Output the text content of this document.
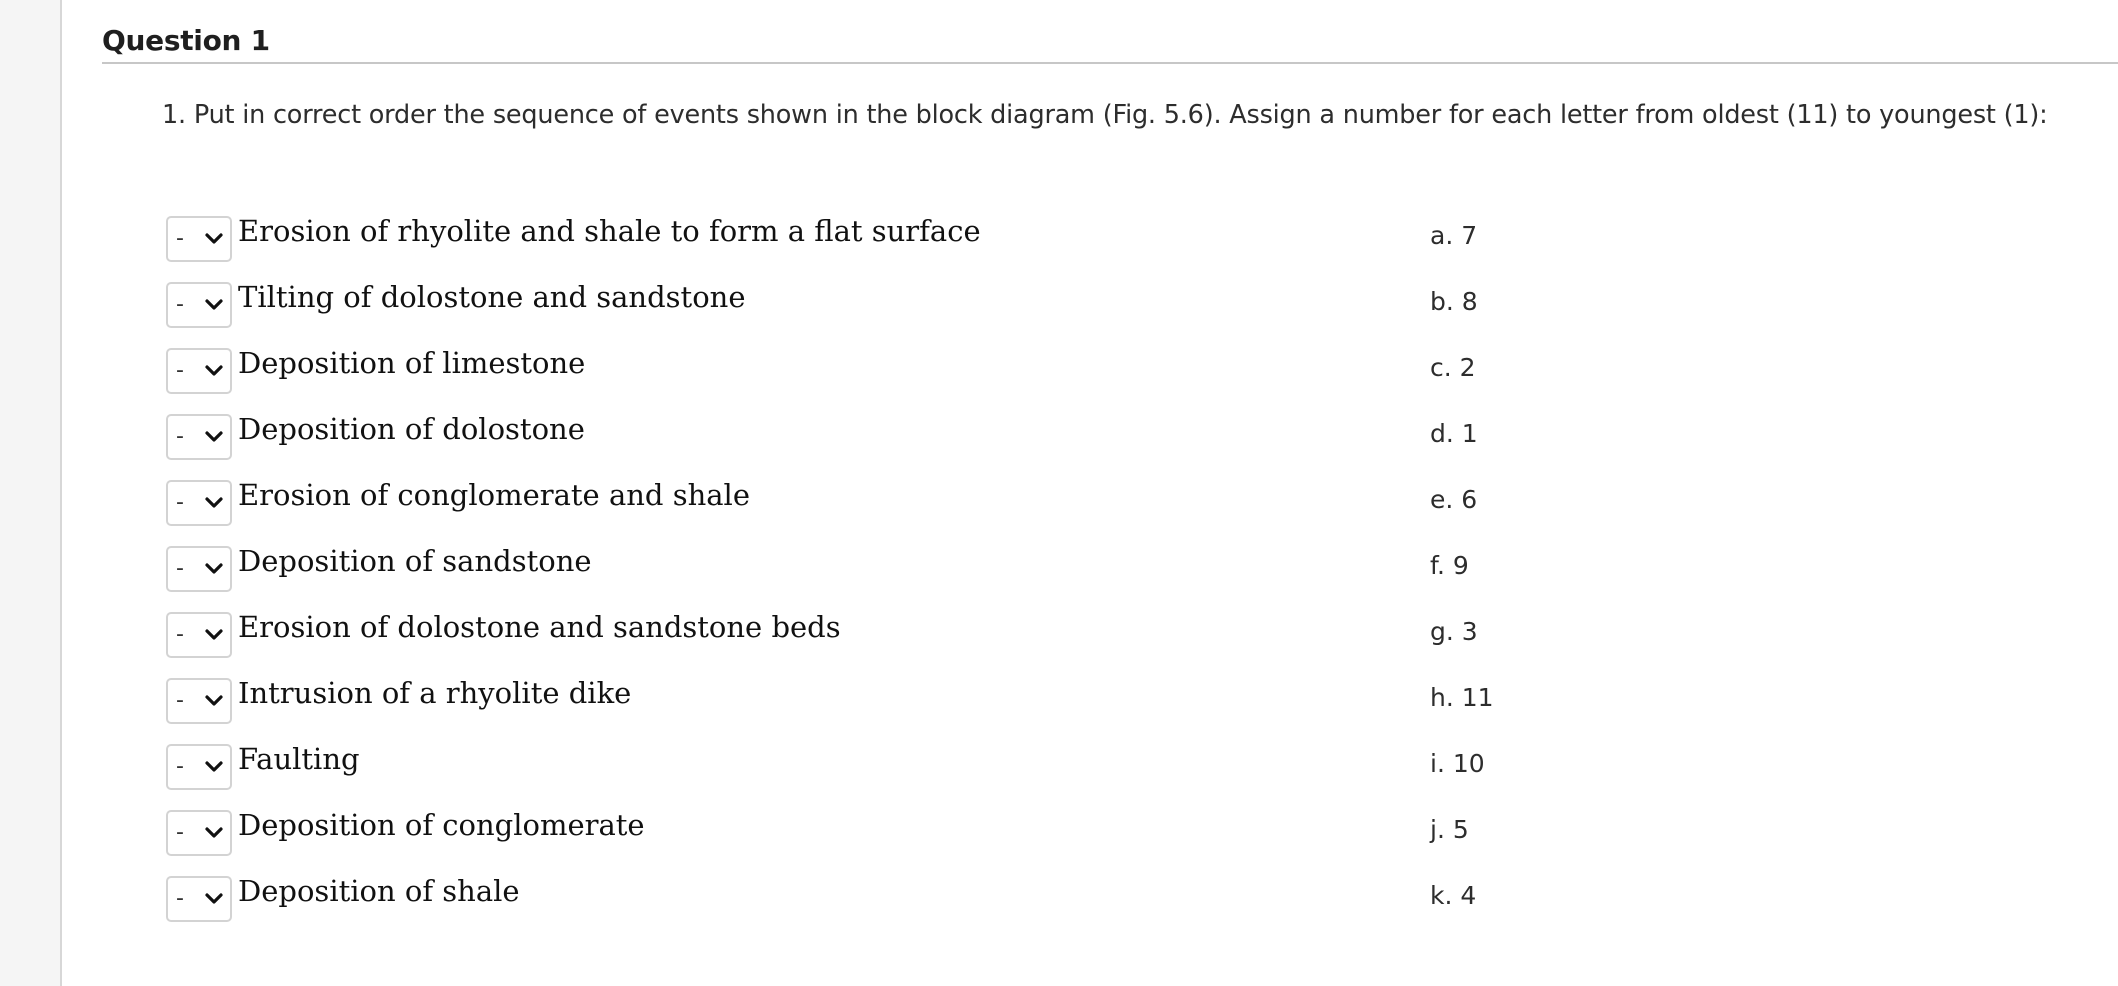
Question 1
1. Put in correct order the sequence of events shown in the block diagram (Fig. 5.6). Assign a number for each letter from oldest (11) to youngest (1):
- Erosion of rhyolite and shale to form a flat surface
- Tilting of dolostone and sandstone
- Deposition of limestone
- Deposition of dolostone
- Erosion of conglomerate and shale
- Deposition of sandstone
- Erosion of dolostone and sandstone beds
- Intrusion of a rhyolite dike
- Faulting
- Deposition of conglomerate
- Deposition of shale
a. 7
b. 8
c. 2
d. 1
e. 6
f. 9
g. 3
h. 11
i. 10
j. 5
k. 4
